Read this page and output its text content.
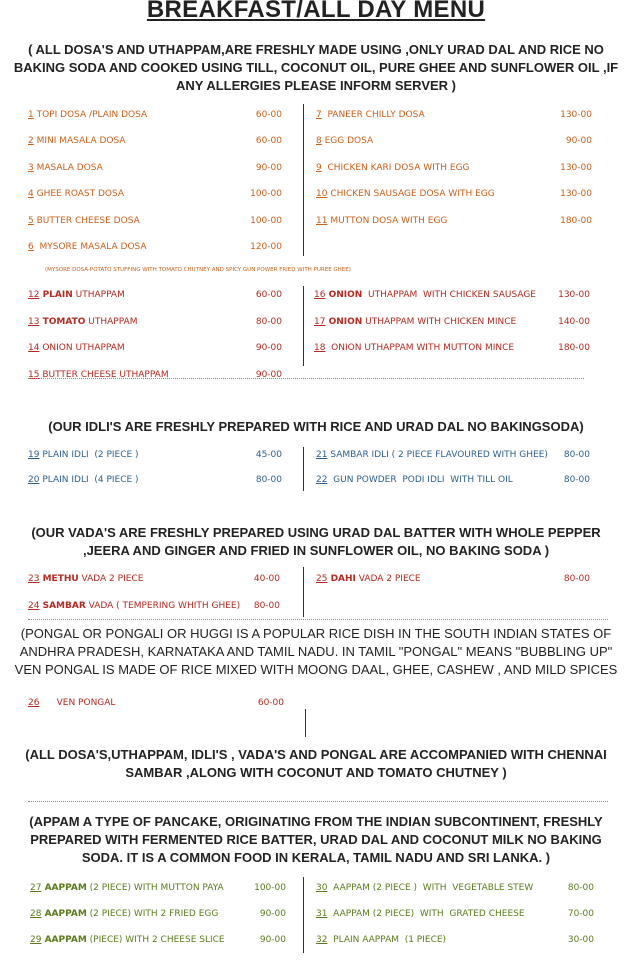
BREAKFAST/ALL DAY MENU
( ALL DOSA'S AND UTHAPPAM,ARE FRESHLY MADE USING ,ONLY URAD DAL AND RICE NO BAKING SODA AND COOKED USING TILL, COCONUT OIL, PURE GHEE AND SUNFLOWER OIL ,IF ANY ALLERGIES PLEASE INFORM SERVER )
1 TOPI DOSA /PLAIN DOSA	60-00
2 MINI MASALA DOSA	60-00
3 MASALA DOSA	90-00
4 GHEE ROAST DOSA	100-00
5 BUTTER CHEESE DOSA	100-00
6  MYSORE MASALA DOSA	120-00
7  PANEER CHILLY DOSA	130-00
8 EGG DOSA	90-00
9  CHICKEN KARI DOSA WITH EGG	130-00
10 CHICKEN SAUSAGE DOSA WITH EGG	130-00
11 MUTTON DOSA WITH EGG	180-00
(MYSORE DOSA-POTATO STUFFING WITH TOMATO CHUTNEY AND SPICY GUN POWER FRIED WITH PUREE GHEE)
12 PLAIN UTHAPPAM	60-00
13 TOMATO UTHAPPAM	80-00
14 ONION UTHAPPAM	90-00
15 BUTTER CHEESE UTHAPPAM	90-00
16 ONION  UTHAPPAM  WITH CHICKEN SAUSAGE	130-00
17 ONION UTHAPPAM WITH CHICKEN MINCE	140-00
18  ONION UTHAPPAM WITH MUTTON MINCE	180-00
(OUR IDLI'S ARE FRESHLY PREPARED WITH RICE AND URAD DAL NO BAKINGSODA)
19 PLAIN IDLI  (2 PIECE )	45-00
20 PLAIN IDLI  (4 PIECE )	80-00
21 SAMBAR IDLI ( 2 PIECE FLAVOURED WITH GHEE)	80-00
22  GUN POWDER  PODI IDLI  WITH TILL OIL	80-00
(OUR VADA'S ARE FRESHLY PREPARED USING URAD DAL BATTER WITH WHOLE PEPPER ,JEERA AND GINGER AND FRIED IN SUNFLOWER OIL, NO BAKING SODA )
23 METHU VADA 2 PIECE	40-00
24 SAMBAR VADA ( TEMPERING WHITH GHEE)	80-00
25 DAHI VADA 2 PIECE	80-00
(PONGAL OR PONGALI OR HUGGI IS A POPULAR RICE DISH IN THE SOUTH INDIAN STATES OF ANDHRA PRADESH, KARNATAKA AND TAMIL NADU. IN TAMIL "PONGAL" MEANS "BUBBLING UP" VEN PONGAL IS MADE OF RICE MIXED WITH MOONG DAAL, GHEE, CASHEW , AND MILD SPICES
26      VEN PONGAL	60-00
(ALL DOSA'S,UTHAPPAM, IDLI'S , VADA'S AND PONGAL ARE ACCOMPANIED WITH CHENNAI SAMBAR ,ALONG WITH COCONUT AND TOMATO CHUTNEY )
(APPAM A TYPE OF PANCAKE, ORIGINATING FROM THE INDIAN SUBCONTINENT, FRESHLY PREPARED WITH FERMENTED RICE BATTER, URAD DAL AND COCONUT MILK NO BAKING SODA. IT IS A COMMON FOOD IN KERALA, TAMIL NADU AND SRI LANKA. )
27 AAPPAM (2 PIECE) WITH MUTTON PAYA	100-00
28 AAPPAM (2 PIECE) WITH 2 FRIED EGG	90-00
29 AAPPAM (PIECE) WITH 2 CHEESE SLICE	90-00
30  AAPPAM (2 PIECE )  WITH  VEGETABLE STEW	80-00
31  AAPPAM (2 PIECE)  WITH  GRATED CHEESE	70-00
32  PLAIN AAPPAM  (1 PIECE)	30-00
